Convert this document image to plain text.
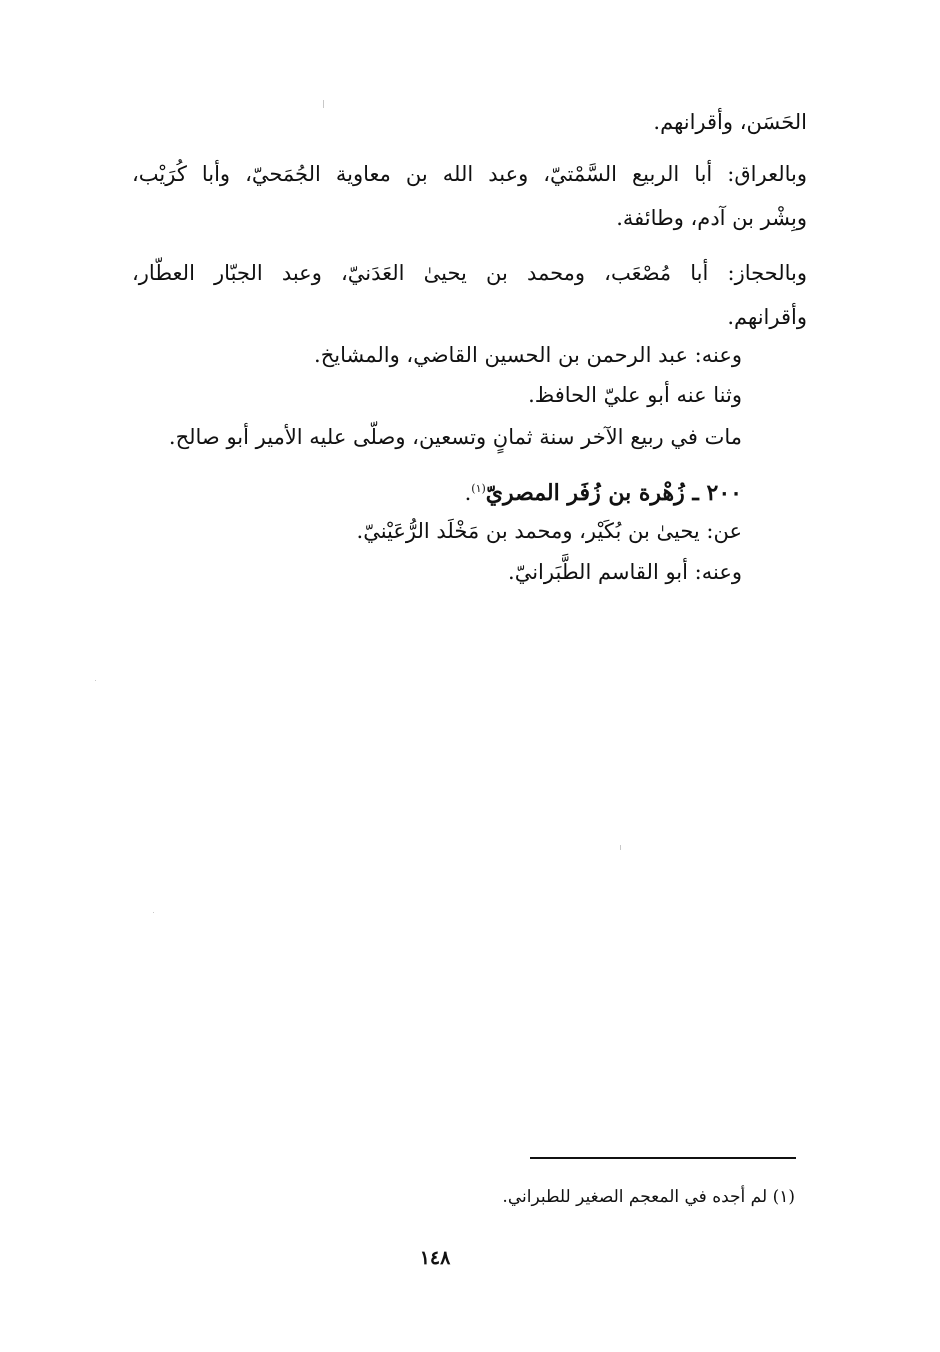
الحَسَن، وأقرانهم.
وبالعراق: أبا الربيع السَّمْتيّ، وعبد الله بن معاوية الجُمَحيّ، وأبا كُرَيْب،
وبِشْر بن آدم، وطائفة.
وبالحجاز: أبا مُصْعَب، ومحمد بن يحيىٰ العَدَنيّ، وعبد الجبّار العطّار،
وأقرانهم.
وعنه: عبد الرحمن بن الحسين القاضي، والمشايخ.
وثنا عنه أبو عليّ الحافظ.
مات في ربيع الآخر سنة ثمانٍ وتسعين، وصلّى عليه الأمير أبو صالح.
٢٠٠ ـ زُهْرة بن زُفَر المصريّ$^{(١)}$.
عن: يحيىٰ بن بُكَيْر، ومحمد بن مَخْلَد الرُّعَيْنيّ.
وعنه: أبو القاسم الطَّبَرانيّ.
(١) لم أجده في المعجم الصغير للطبراني.
١٤٨
